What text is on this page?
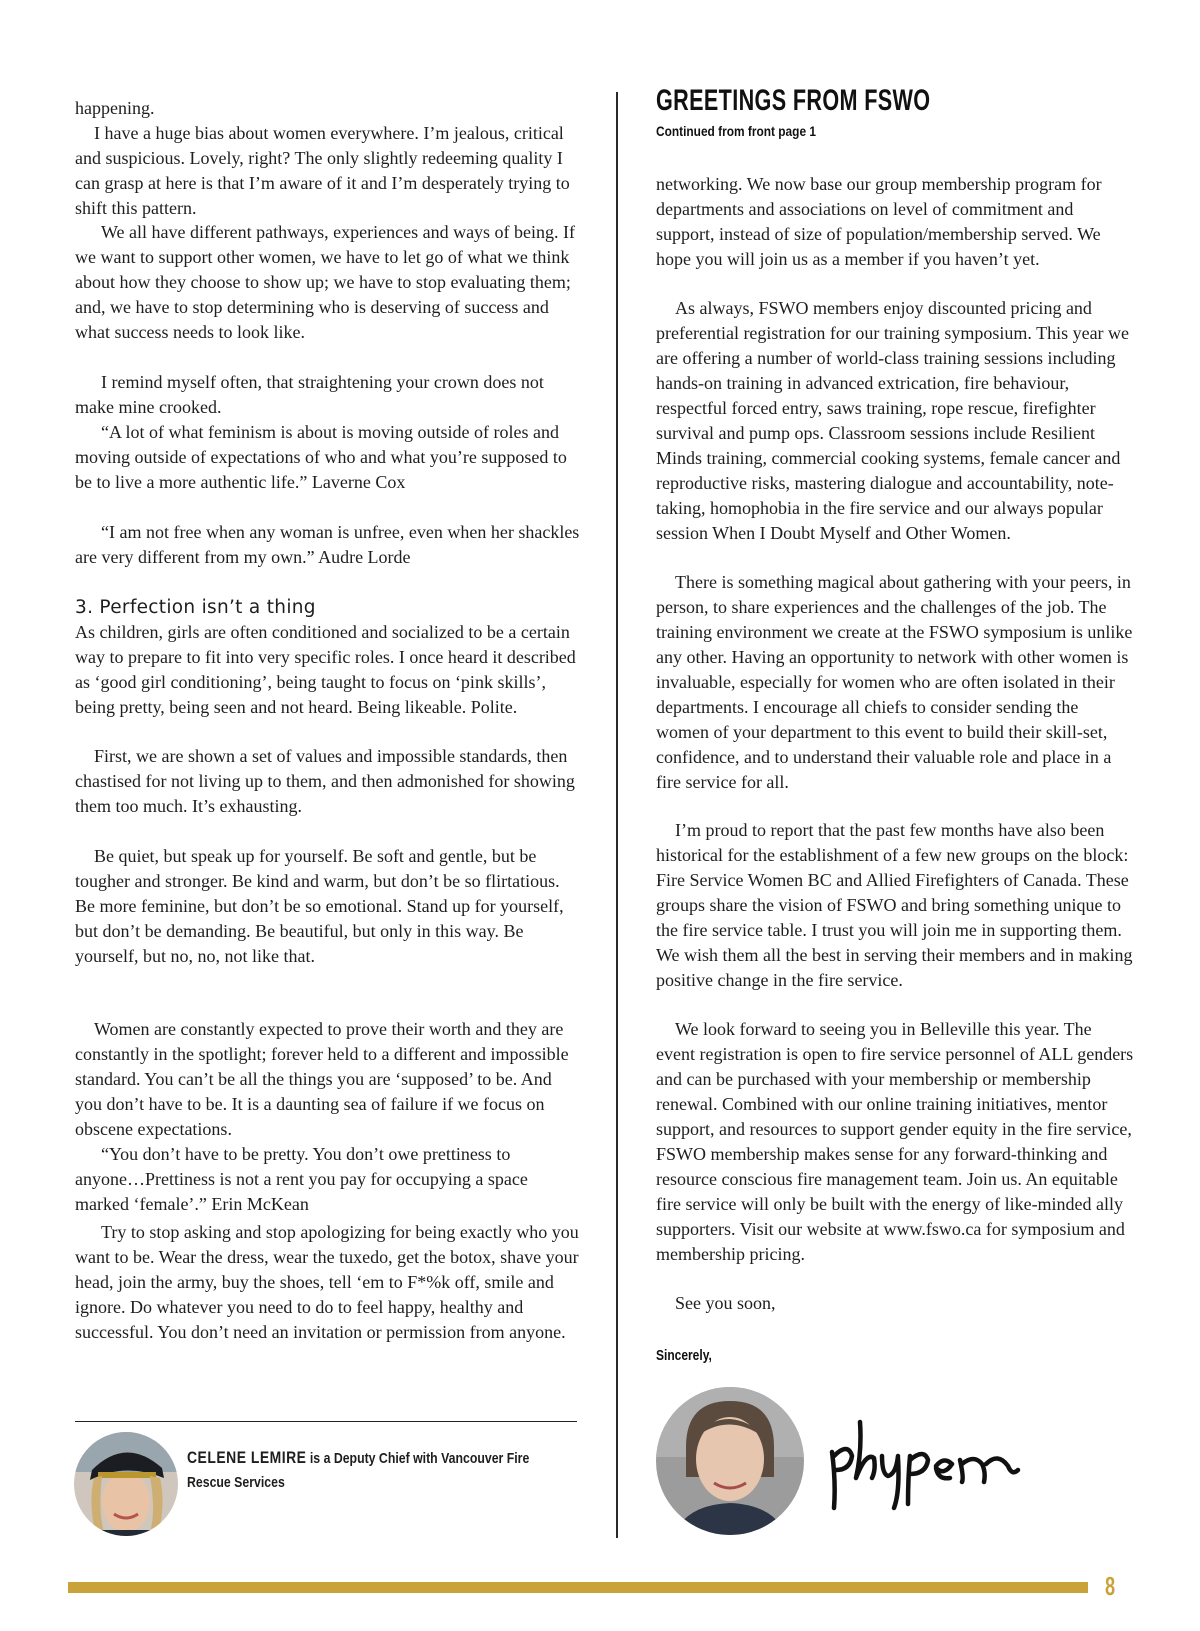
happening.

I have a huge bias about women everywhere. I’m jealous, critical and suspicious. Lovely, right? The only slightly redeeming quality I can grasp at here is that I’m aware of it and I’m desperately trying to shift this pattern.

We all have different pathways, experiences and ways of being. If we want to support other women, we have to let go of what we think about how they choose to show up; we have to stop evaluating them; and, we have to stop determining who is deserving of success and what success needs to look like.

I remind myself often, that straightening your crown does not make mine crooked.

“A lot of what feminism is about is moving outside of roles and moving outside of expectations of who and what you’re supposed to be to live a more authentic life.” Laverne Cox

“I am not free when any woman is unfree, even when her shackles are very different from my own.” Audre Lorde

3. Perfection isn’t a thing

As children, girls are often conditioned and socialized to be a certain way to prepare to fit into very specific roles. I once heard it described as ‘good girl conditioning’, being taught to focus on ‘pink skills’, being pretty, being seen and not heard. Being likeable. Polite.

First, we are shown a set of values and impossible standards, then chastised for not living up to them, and then admonished for showing them too much. It’s exhausting.

Be quiet, but speak up for yourself. Be soft and gentle, but be tougher and stronger. Be kind and warm, but don’t be so flirtatious. Be more feminine, but don’t be so emotional. Stand up for yourself, but don’t be demanding. Be beautiful, but only in this way. Be yourself, but no, no, not like that.

Women are constantly expected to prove their worth and they are constantly in the spotlight; forever held to a different and impossible standard. You can’t be all the things you are ‘supposed’ to be. And you don’t have to be. It is a daunting sea of failure if we focus on obscene expectations.

“You don’t have to be pretty. You don’t owe prettiness to anyone…Prettiness is not a rent you pay for occupying a space marked ‘female’.” Erin McKean

Try to stop asking and stop apologizing for being exactly who you want to be. Wear the dress, wear the tuxedo, get the botox, shave your head, join the army, buy the shoes, tell ‘em to F*%k off, smile and ignore. Do whatever you need to do to feel happy, healthy and successful. You don’t need an invitation or permission from anyone.

CELENE LEMIRE is a Deputy Chief with Vancouver Fire Rescue Services

GREETINGS FROM FSWO

Continued from front page 1

networking. We now base our group membership program for departments and associations on level of commitment and support, instead of size of population/membership served. We hope you will join us as a member if you haven’t yet.

As always, FSWO members enjoy discounted pricing and preferential registration for our training symposium. This year we are offering a number of world-class training sessions including hands-on training in advanced extrication, fire behaviour, respectful forced entry, saws training, rope rescue, firefighter survival and pump ops. Classroom sessions include Resilient Minds training, commercial cooking systems, female cancer and reproductive risks, mastering dialogue and accountability, note-taking, homophobia in the fire service and our always popular session When I Doubt Myself and Other Women.

There is something magical about gathering with your peers, in person, to share experiences and the challenges of the job. The training environment we create at the FSWO symposium is unlike any other. Having an opportunity to network with other women is invaluable, especially for women who are often isolated in their departments. I encourage all chiefs to consider sending the women of your department to this event to build their skill-set, confidence, and to understand their valuable role and place in a fire service for all.

I’m proud to report that the past few months have also been historical for the establishment of a few new groups on the block: Fire Service Women BC and Allied Firefighters of Canada. These groups share the vision of FSWO and bring something unique to the fire service table. I trust you will join me in supporting them. We wish them all the best in serving their members and in making positive change in the fire service.

We look forward to seeing you in Belleville this year. The event registration is open to fire service personnel of ALL genders and can be purchased with your membership or membership renewal. Combined with our online training initiatives, mentor support, and resources to support gender equity in the fire service, FSWO membership makes sense for any forward-thinking and resource conscious fire management team. Join us. An equitable fire service will only be built with the energy of like-minded ally supporters. Visit our website at www.fswo.ca for symposium and membership pricing.

See you soon,

Sincerely,

8
